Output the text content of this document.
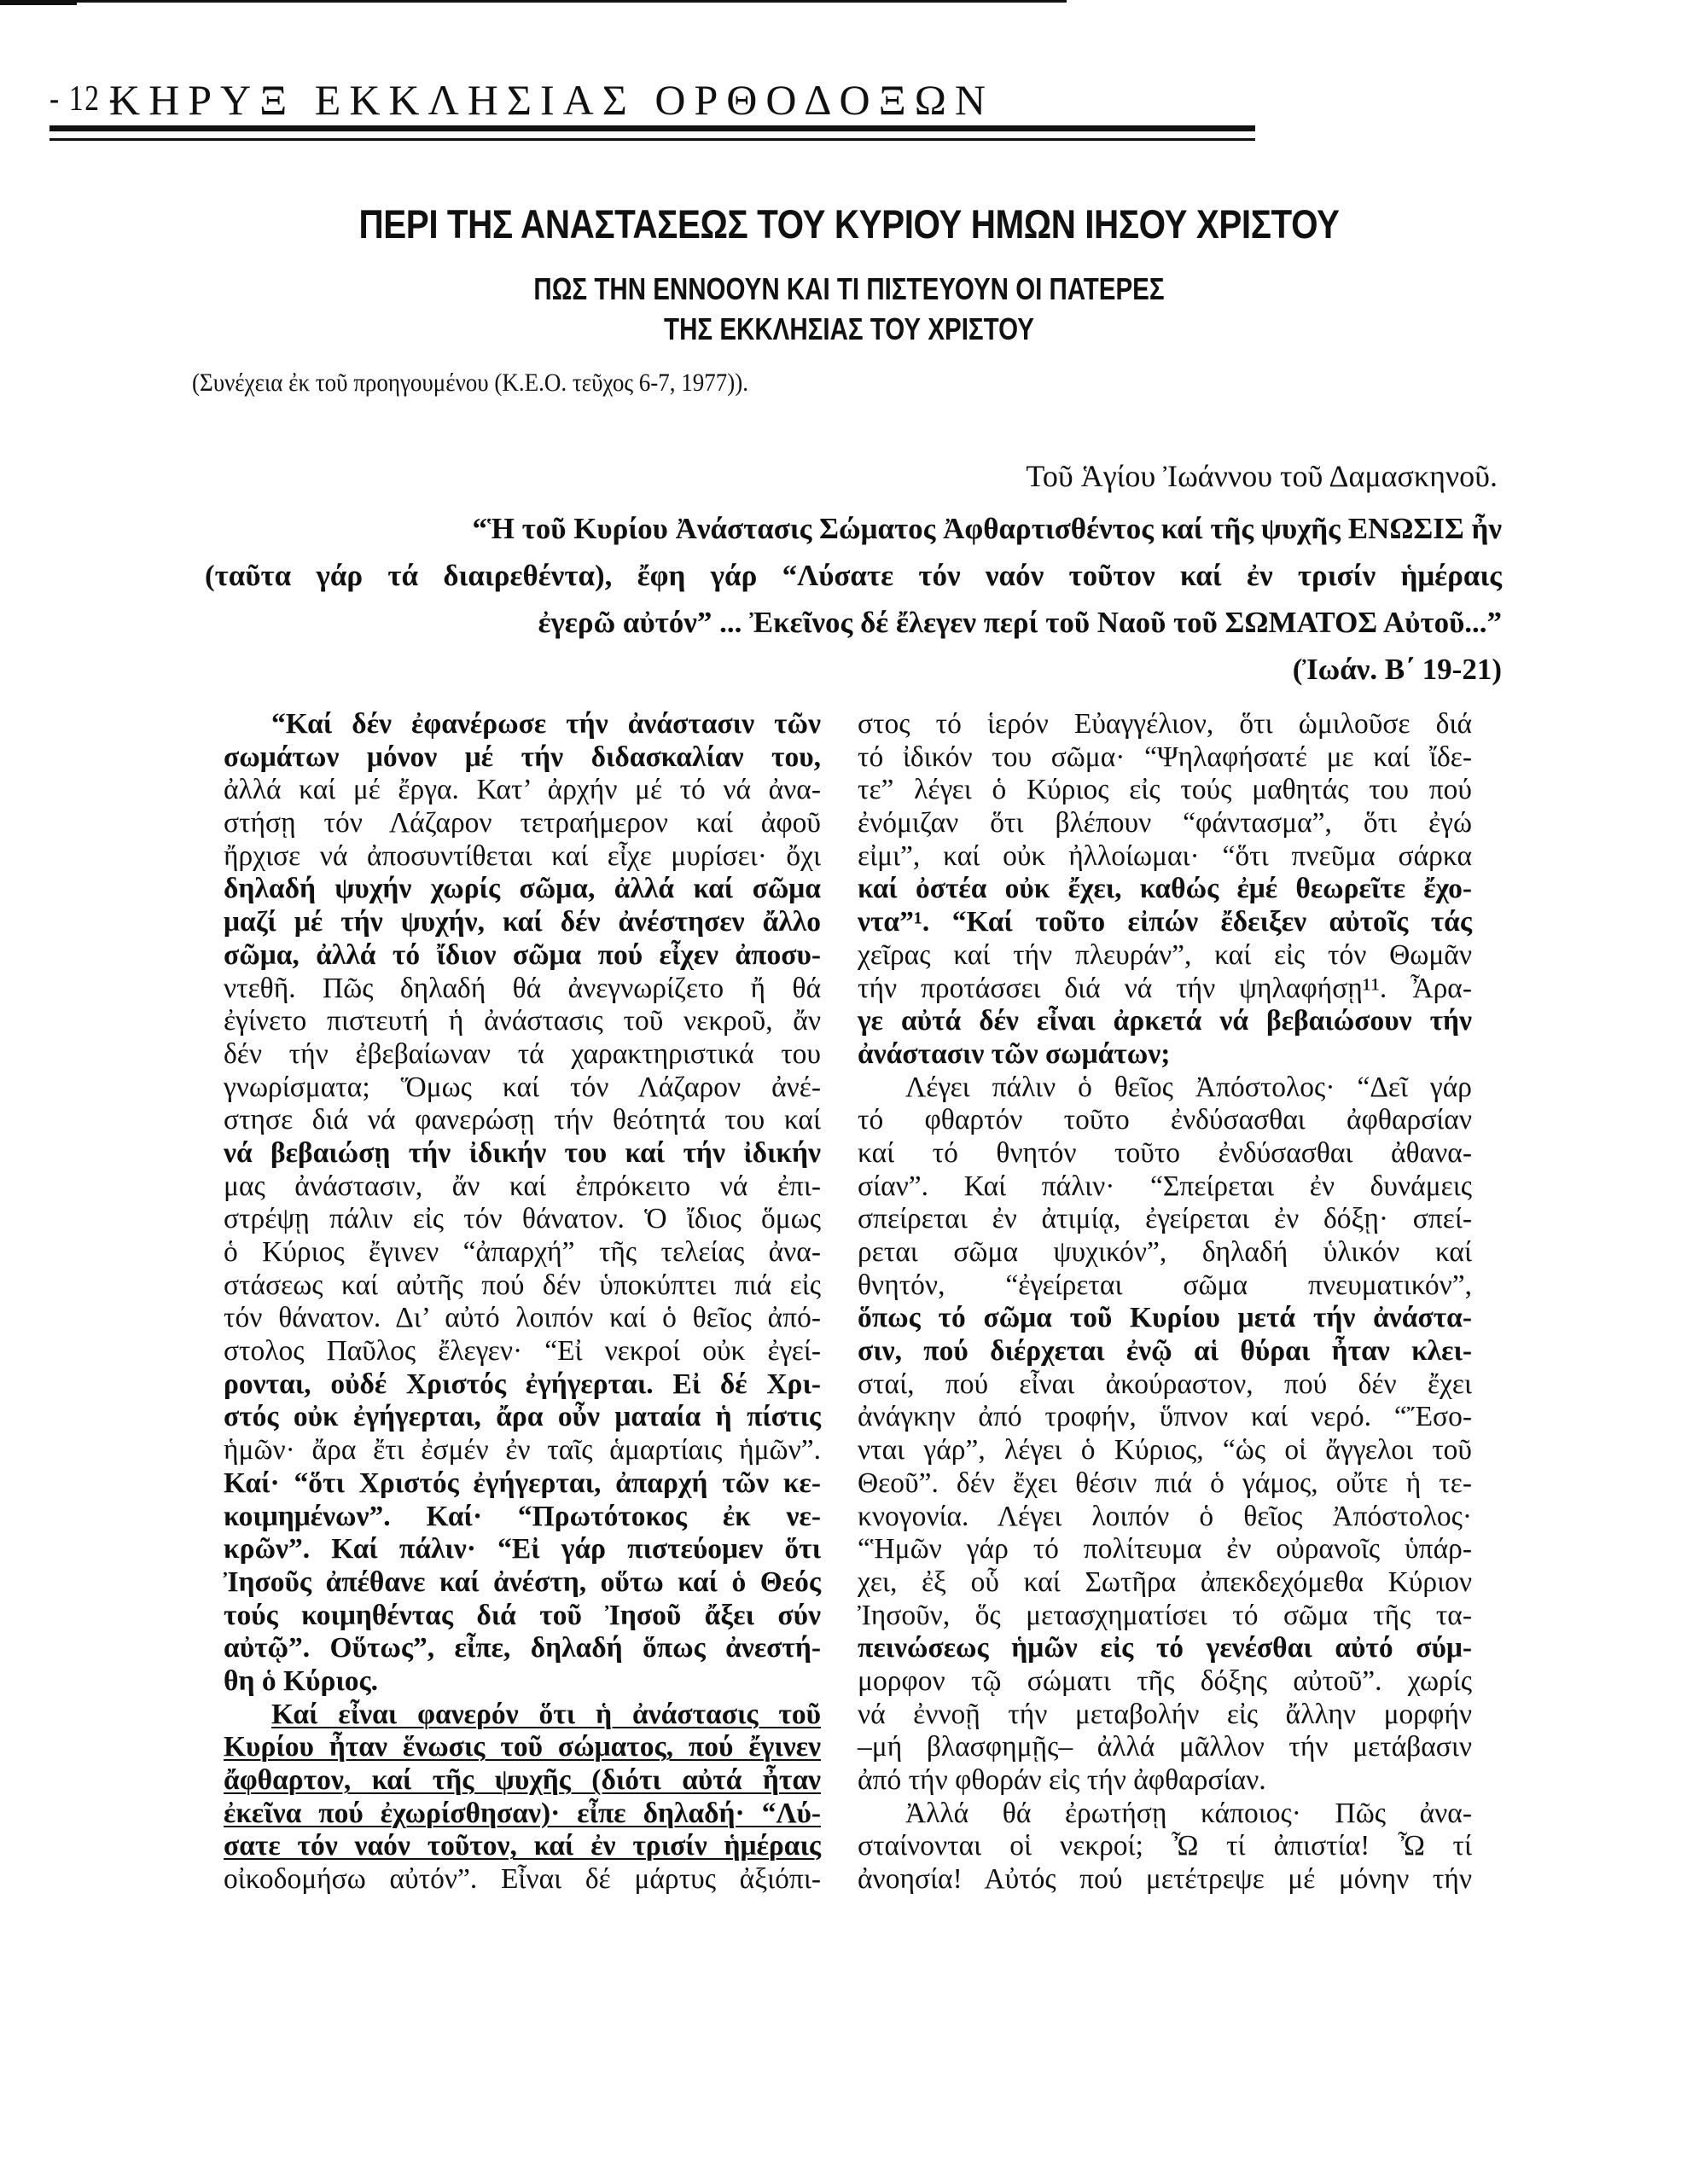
- 12 -
ΚΗΡΥΞ ΕΚΚΛΗΣΙΑΣ ΟΡΘΟΔΟΞΩΝ
ΠΕΡΙ ΤΗΣ ΑΝΑΣΤΑΣΕΩΣ ΤΟΥ ΚΥΡΙΟΥ ΗΜΩΝ ΙΗΣΟΥ ΧΡΙΣΤΟΥ
ΠΩΣ ΤΗΝ ΕΝΝΟΟΥΝ ΚΑΙ ΤΙ ΠΙΣΤΕΥΟΥΝ ΟΙ ΠΑΤΕΡΕΣ
ΤΗΣ ΕΚΚΛΗΣΙΑΣ ΤΟΥ ΧΡΙΣΤΟΥ
(Συνέχεια ἐκ τοῦ προηγουμένου (Κ.Ε.Ο. τεῦχος 6-7, 1977)).
Τοῦ Ἁγίου Ἰωάννου τοῦ Δαμασκηνοῦ.
“Ἡ τοῦ Κυρίου Ἀνάστασις Σώματος Ἀφθαρτισθέντος καί τῆς ψυχῆς ΕΝΩΣΙΣ ἦν
(ταῦτα γάρ τά διαιρεθέντα), ἔφη γάρ “Λύσατε τόν ναόν τοῦτον καί ἐν τρισίν ἡμέραις
ἐγερῶ αὐτόν” ... Ἐκεῖνος δέ ἔλεγεν περί τοῦ Ναοῦ τοῦ ΣΩΜΑΤΟΣ Αὐτοῦ...”
(Ἰωάν. Β΄ 19-21)
“Καί δέν ἐφανέρωσε τήν ἀνάστασιν τῶν
σωμάτων μόνον μέ τήν διδασκαλίαν του,
ἀλλά καί μέ ἔργα. Κατ’ ἀρχήν μέ τό νά ἀνα-
στήσῃ τόν Λάζαρον τετραήμερον καί ἀφοῦ
ἤρχισε νά ἀποσυντίθεται καί εἶχε μυρίσει· ὄχι
δηλαδή ψυχήν χωρίς σῶμα, ἀλλά καί σῶμα
μαζί μέ τήν ψυχήν, καί δέν ἀνέστησεν ἄλλο
σῶμα, ἀλλά τό ἴδιον σῶμα πού εἶχεν ἀποσυ-
ντεθῆ. Πῶς δηλαδή θά ἀνεγνωρίζετο ἤ θά
ἐγίνετο πιστευτή ἡ ἀνάστασις τοῦ νεκροῦ, ἄν
δέν τήν ἐβεβαίωναν τά χαρακτηριστικά του
γνωρίσματα; Ὅμως καί τόν Λάζαρον ἀνέ-
στησε διά νά φανερώσῃ τήν θεότητά του καί
νά βεβαιώσῃ τήν ἰδικήν του καί τήν ἰδικήν
μας ἀνάστασιν, ἄν καί ἐπρόκειτο νά ἐπι-
στρέψῃ πάλιν εἰς τόν θάνατον. Ὁ ἴδιος ὅμως
ὁ Κύριος ἔγινεν “ἀπαρχή” τῆς τελείας ἀνα-
στάσεως καί αὐτῆς πού δέν ὑποκύπτει πιά εἰς
τόν θάνατον. Δι’ αὐτό λοιπόν καί ὁ θεῖος ἀπό-
στολος Παῦλος ἔλεγεν· “Εἰ νεκροί οὐκ ἐγεί-
ρονται, οὐδέ Χριστός ἐγήγερται. Εἰ δέ Χρι-
στός οὐκ ἐγήγερται, ἄρα οὖν ματαία ἡ πίστις
ἡμῶν· ἄρα ἔτι ἐσμέν ἐν ταῖς ἁμαρτίαις ἡμῶν”.
Καί· “ὅτι Χριστός ἐγήγερται, ἀπαρχή τῶν κε-
κοιμημένων”. Καί· “Πρωτότοκος ἐκ νε-
κρῶν”. Καί πάλιν· “Εἰ γάρ πιστεύομεν ὅτι
Ἰησοῦς ἀπέθανε καί ἀνέστη, οὕτω καί ὁ Θεός
τούς κοιμηθέντας διά τοῦ Ἰησοῦ ἄξει σύν
αὐτῷ”. Οὕτως”, εἶπε, δηλαδή ὅπως ἀνεστή-
θη ὁ Κύριος.
Καί εἶναι φανερόν ὅτι ἡ ἀνάστασις τοῦ
Κυρίου ἦταν ἕνωσις τοῦ σώματος, πού ἔγινεν
ἄφθαρτον, καί τῆς ψυχῆς (διότι αὐτά ἦταν
ἐκεῖνα πού ἐχωρίσθησαν)· εἶπε δηλαδή· “Λύ-
σατε τόν ναόν τοῦτον, καί ἐν τρισίν ἡμέραις
οἰκοδομήσω αὐτόν”. Εἶναι δέ μάρτυς ἀξιόπι-
στος τό ἱερόν Εὐαγγέλιον, ὅτι ὡμιλοῦσε διά
τό ἰδικόν του σῶμα· “Ψηλαφήσατέ με καί ἴδε-
τε” λέγει ὁ Κύριος εἰς τούς μαθητάς του πού
ἐνόμιζαν ὅτι βλέπουν “φάντασμα”, ὅτι ἐγώ
εἰμι”, καί οὐκ ἠλλοίωμαι· “ὅτι πνεῦμα σάρκα
καί ὀστέα οὐκ ἔχει, καθώς ἐμέ θεωρεῖτε ἔχο-
ντα”¹. “Καί τοῦτο εἰπών ἔδειξεν αὐτοῖς τάς
χεῖρας καί τήν πλευράν”, καί εἰς τόν Θωμᾶν
τήν προτάσσει διά νά τήν ψηλαφήσῃ¹¹. Ἆρα-
γε αὐτά δέν εἶναι ἀρκετά νά βεβαιώσουν τήν
ἀνάστασιν τῶν σωμάτων;
Λέγει πάλιν ὁ θεῖος Ἀπόστολος· “Δεῖ γάρ
τό φθαρτόν τοῦτο ἐνδύσασθαι ἀφθαρσίαν
καί τό θνητόν τοῦτο ἐνδύσασθαι ἀθανα-
σίαν”. Καί πάλιν· “Σπείρεται ἐν δυνάμεις
σπείρεται ἐν ἀτιμίᾳ, ἐγείρεται ἐν δόξῃ· σπεί-
ρεται σῶμα ψυχικόν”, δηλαδή ὑλικόν καί
θνητόν, “ἐγείρεται σῶμα πνευματικόν”,
ὅπως τό σῶμα τοῦ Κυρίου μετά τήν ἀνάστα-
σιν, πού διέρχεται ἐνῷ αἱ θύραι ἦταν κλει-
σταί, πού εἶναι ἀκούραστον, πού δέν ἔχει
ἀνάγκην ἀπό τροφήν, ὕπνον καί νερό. “Ἔσο-
νται γάρ”, λέγει ὁ Κύριος, “ὡς οἱ ἄγγελοι τοῦ
Θεοῦ”. δέν ἔχει θέσιν πιά ὁ γάμος, οὔτε ἡ τε-
κνογονία. Λέγει λοιπόν ὁ θεῖος Ἀπόστολος·
“Ἡμῶν γάρ τό πολίτευμα ἐν οὐρανοῖς ὑπάρ-
χει, ἐξ οὗ καί Σωτῆρα ἀπεκδεχόμεθα Κύριον
Ἰησοῦν, ὅς μετασχηματίσει τό σῶμα τῆς τα-
πεινώσεως ἡμῶν εἰς τό γενέσθαι αὐτό σύμ-
μορφον τῷ σώματι τῆς δόξης αὐτοῦ”. χωρίς
νά ἐννοῇ τήν μεταβολήν εἰς ἄλλην μορφήν
–μή βλασφημῇς– ἀλλά μᾶλλον τήν μετάβασιν
ἀπό τήν φθοράν εἰς τήν ἀφθαρσίαν.
Ἀλλά θά ἐρωτήσῃ κάποιος· Πῶς ἀνα-
σταίνονται οἱ νεκροί; Ὦ τί ἀπιστία! Ὦ τί
ἀνοησία! Αὐτός πού μετέτρεψε μέ μόνην τήν
